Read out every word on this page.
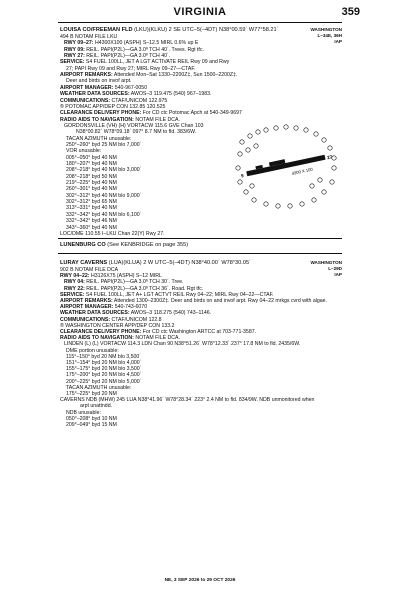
VIRGINIA	359
LOUISA CO/FREEMAN FLD (LKU)(KLKU) 2 SE UTC–5(–4DT) N38°00.59´ W77°58.21´	WASHINGTON
L–34E, 36H
IAP
494 B NOTAM FILE LKU
RWY 09–27: H4300X100 (ASPH) S–12.5 MIRL 0.6% up E
RWY 09: REIL. PAPI(P2L)—GA 3.0º TCH 40´. Trees. Rgt tfc.
RWY 27: REIL. PAPI(P2L)—GA 3.0º TCH 40´.
SERVICE: S4 FUEL 100LL, JET A LGT ACTIVATE REIL Rwy 09 and Rwy
27; PAPI Rwy 09 and Rwy 27; MIRL Rwy 09–27—CTAF.
AIRPORT REMARKS: Attended Mon–Sat 1330–2200Z‡, Sun 1500–2200Z‡.
Deer and birds on invof arpt.
AIRPORT MANAGER: 540-967-0050
WEATHER DATA SOURCES: AWOS–3 119.475 (540) 967–1983.
COMMUNICATIONS: CTAF/UNICOM 122.975
® POTOMAC APP/DEP CON 132.85 120.525
CLEARANCE DELIVERY PHONE: For CD ctc Potomac Apch at 540-349-9697
RADIO AIDS TO NAVIGATION: NOTAM FILE DCA.
GORDONSVILLE (VH) (H) VORTACW 115.6 GVE Chan 103
N38°00.82´ W78°09.18´ 097° 8.7 NM to fld. 383/6W.
TACAN AZIMUTH unusable:
250°–260° byd 25 NM blo 7,000´
VOR unusable:
005°–050° byd 40 NM
180°–207° byd 40 NM
208°–218° byd 40 NM blo 3,000´
208°–218° byd 50 NM
219°–225° byd 40 NM
260°–301° byd 40 NM
302°–312° byd 40 NM blo 9,000´
302°–312° byd 65 NM
313°–331° byd 40 NM
332°–342° byd 40 NM blo 6,100´
332°–342° byd 46 NM
343°–360° byd 40 NM
LOC/DME 110.55 I–LKU Chan 22(Y) Rwy 27.
4300 X 100
9
27
LUNENBURG CO (See KENBRIDGE on page 355)
LURAY CAVERNS (LUA)(KLUA) 2 W UTC–5(–4DT) N38°40.00´ W78°30.05´	WASHINGTON
L–29D
IAP
902 B NOTAM FILE DCA
RWY 04–22: H3126X75 (ASPH) S–12 MIRL
RWY 04: REIL. PAPI(P2L)—GA 3.0º TCH 30´. Tree.
RWY 22: REIL. PAPI(P2L)—GA 3.0º TCH 36´. Road. Rgt tfc.
SERVICE: S4 FUEL 100LL, JET A+ LGT ACTVT REIL Rwy 04–22; MIRL Rwy 04–22—CTAF.
AIRPORT REMARKS: Attended 1300–2300Z‡. Deer and birds on and invof arpt. Rwy 04–22 mrkgs cvrd with algae.
AIRPORT MANAGER: 540-743-6070
WEATHER DATA SOURCES: AWOS–3 118.275 (540) 743–1146.
COMMUNICATIONS: CTAF/UNICOM 122.8
® WASHINGTON CENTER APP/DEP CON 133.2
CLEARANCE DELIVERY PHONE: For CD ctc Washington ARTCC at 703-771-3587.
RADIO AIDS TO NAVIGATION: NOTAM FILE DCA.
LINDEN (L) (L) VORTACW 114.3 LDN Chan 90 N38°51.26´ W78°12.33´ 237° 17.8 NM to fld. 2435/6W.
DME portion unusable:
115°–150° byd 20 NM blo 3,500´
151°–154° byd 20 NM blo 4,000´
155°–175° byd 20 NM blo 3,500´
175°–200° byd 20 NM blo 4,500´
200°–225° byd 20 NM blo 5,000´
TACAN AZIMUTH unusable:
175°–225° byd 20 NM
CAVERNS NDB (MHW) 245 LUA N38°41.96´ W78°28.34´ 223° 2.4 NM to fld. 834/9W. NDB unmonitored when
arpt unattndd.
NDB unusable:
050°–208° byd 10 NM
209°–049° byd 15 NM
NE, 3 SEP 2026 to 29 OCT 2026
